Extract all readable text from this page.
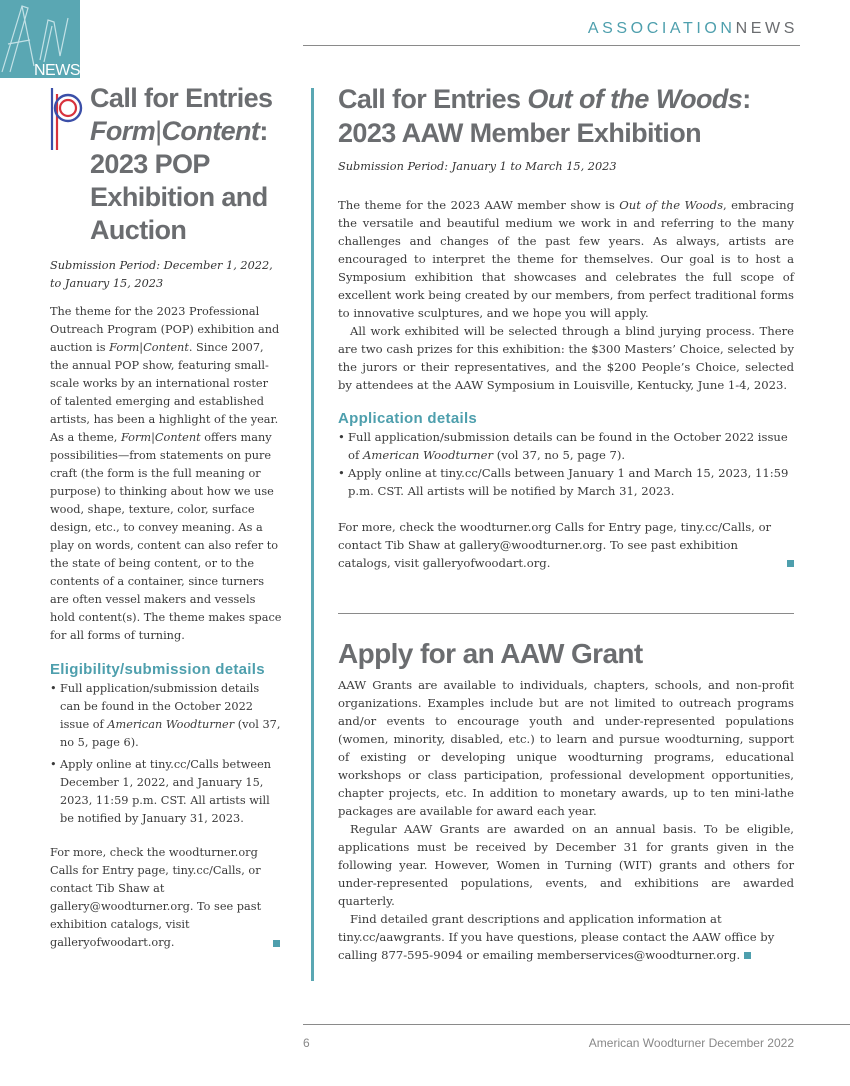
NEWS
ASSOCIATIONNEWS
Call for Entries
Form|Content:
2023 POP
Exhibition and
Auction
Submission Period: December 1, 2022, to January 15, 2023

The theme for the 2023 Professional Outreach Program (POP) exhibition and auction is Form|Content. Since 2007, the annual POP show, featuring small-scale works by an international roster of talented emerging and established artists, has been a highlight of the year. As a theme, Form|Content offers many possibilities—from statements on pure craft (the form is the full meaning or purpose) to thinking about how we use wood, shape, texture, color, surface design, etc., to convey meaning. As a play on words, content can also refer to the state of being content, or to the contents of a container, since turners are often vessel makers and vessels hold content(s). The theme makes space for all forms of turning.

Eligibility/submission details
• Full application/submission details can be found in the October 2022 issue of American Woodturner (vol 37, no 5, page 6).
• Apply online at tiny.cc/Calls between December 1, 2022, and January 15, 2023, 11:59 p.m. CST. All artists will be notified by January 31, 2023.

For more, check the woodturner.org Calls for Entry page, tiny.cc/Calls, or contact Tib Shaw at gallery@woodturner.org. To see past exhibition catalogs, visit galleryofwoodart.org.

Call for Entries Out of the Woods:
2023 AAW Member Exhibition
Submission Period: January 1 to March 15, 2023

The theme for the 2023 AAW member show is Out of the Woods, embracing the versatile and beautiful medium we work in and referring to the many challenges and changes of the past few years. As always, artists are encouraged to interpret the theme for themselves. Our goal is to host a Symposium exhibition that showcases and celebrates the full scope of excellent work being created by our members, from perfect traditional forms to innovative sculptures, and we hope you will apply.

All work exhibited will be selected through a blind jurying process. There are two cash prizes for this exhibition: the $300 Masters’ Choice, selected by the jurors or their representatives, and the $200 People’s Choice, selected by attendees at the AAW Symposium in Louisville, Kentucky, June 1-4, 2023.

Application details
• Full application/submission details can be found in the October 2022 issue of American Woodturner (vol 37, no 5, page 7).
• Apply online at tiny.cc/Calls between January 1 and March 15, 2023, 11:59 p.m. CST. All artists will be notified by March 31, 2023.

For more, check the woodturner.org Calls for Entry page, tiny.cc/Calls, or contact Tib Shaw at gallery@woodturner.org. To see past exhibition catalogs, visit galleryofwoodart.org.

Apply for an AAW Grant

AAW Grants are available to individuals, chapters, schools, and non-profit organizations. Examples include but are not limited to outreach programs and/or events to encourage youth and under-represented populations (women, minority, disabled, etc.) to learn and pursue woodturning, support of existing or developing unique woodturning programs, educational workshops or class participation, professional development opportunities, chapter projects, etc. In addition to monetary awards, up to ten mini-lathe packages are available for award each year.

Regular AAW Grants are awarded on an annual basis. To be eligible, applications must be received by December 31 for grants given in the following year. However, Women in Turning (WIT) grants and others for under-represented populations, events, and exhibitions are awarded quarterly.

Find detailed grant descriptions and application information at tiny.cc/aawgrants. If you have questions, please contact the AAW office by calling 877-595-9094 or emailing memberservices@woodturner.org.

6	American Woodturner December 2022
